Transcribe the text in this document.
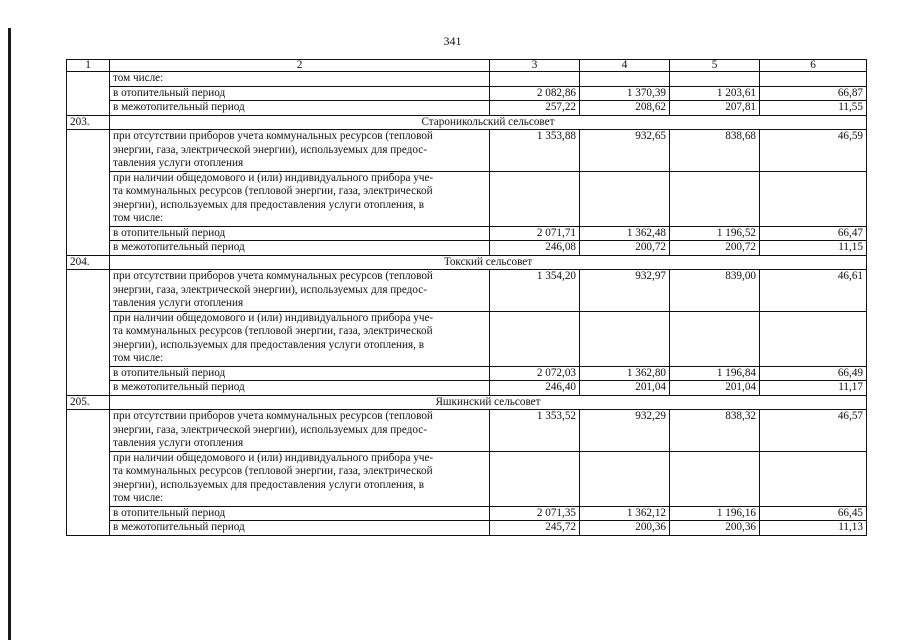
341
1	2	3	4	5	6
	том числе:				
	в отопительный период	2 082,86	1 370,39	1 203,61	66,87
	в межотопительный период	257,22	208,62	207,81	11,55
203.	Староникольский сельсовет				

	при отсутствии приборов учета коммунальных ресурсов (тепловой
энергии, газа, электрической энергии), используемых для предос-
тавления услуги отопления	1 353,88	932,65	838,68	46,59

	при наличии общедомового и (или) индивидуального прибора уче-
та коммунальных ресурсов (тепловой энергии, газа, электрической
энергии), используемых для предоставления услуги отопления, в
том числе:				

	в отопительный период	2 071,71	1 362,48	1 196,52	66,47
	в межотопительный период	246,08	200,72	200,72	11,15
204.	Токский сельсовет				

	при отсутствии приборов учета коммунальных ресурсов (тепловой
энергии, газа, электрической энергии), используемых для предос-
тавления услуги отопления	1 354,20	932,97	839,00	46,61

	при наличии общедомового и (или) индивидуального прибора уче-
та коммунальных ресурсов (тепловой энергии, газа, электрической
энергии), используемых для предоставления услуги отопления, в
том числе:				

	в отопительный период	2 072,03	1 362,80	1 196,84	66,49
	в межотопительный период	246,40	201,04	201,04	11,17
205.	Яшкинский сельсовет				

	при отсутствии приборов учета коммунальных ресурсов (тепловой
энергии, газа, электрической энергии), используемых для предос-
тавления услуги отопления	1 353,52	932,29	838,32	46,57

	при наличии общедомового и (или) индивидуального прибора уче-
та коммунальных ресурсов (тепловой энергии, газа, электрической
энергии), используемых для предоставления услуги отопления, в
том числе:				

	в отопительный период	2 071,35	1 362,12	1 196,16	66,45
	в межотопительный период	245,72	200,36	200,36	11,13
